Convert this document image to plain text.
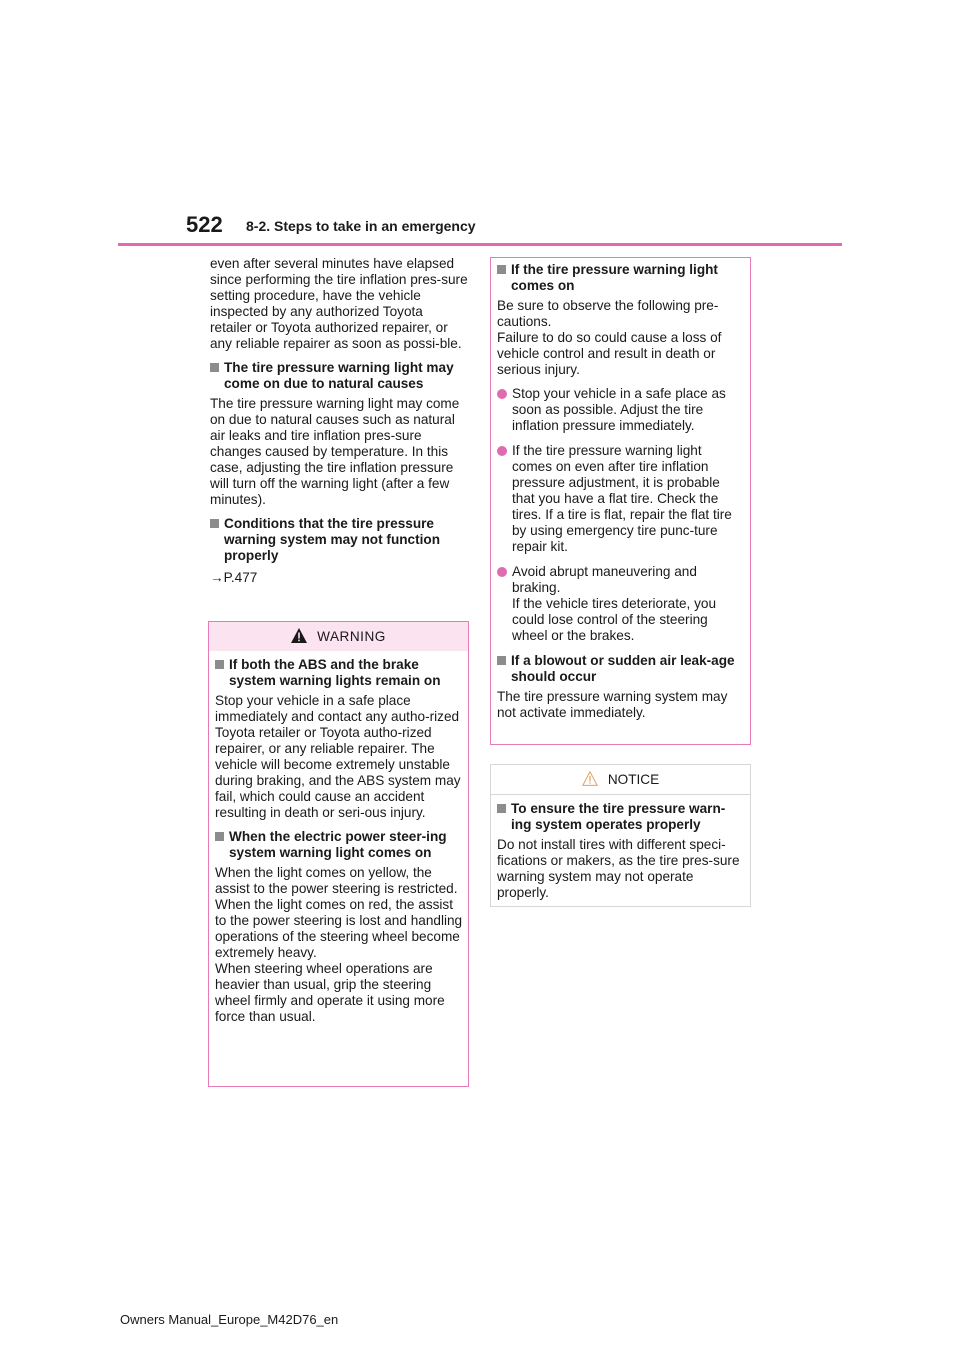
522 8-2. Steps to take in an emergency

even after several minutes have elapsed since performing the tire inflation pres-sure setting procedure, have the vehicle inspected by any authorized Toyota retailer or Toyota authorized repairer, or any reliable repairer as soon as possi-ble.

The tire pressure warning light may come on due to natural causes

The tire pressure warning light may come on due to natural causes such as natural air leaks and tire inflation pres-sure changes caused by temperature. In this case, adjusting the tire inflation pressure will turn off the warning light (after a few minutes).

Conditions that the tire pressure warning system may not function properly

→P.477

WARNING
If both the ABS and the brake system warning lights remain on

Stop your vehicle in a safe place immediately and contact any autho-rized Toyota retailer or Toyota autho-rized repairer, or any reliable repairer. The vehicle will become extremely unstable during braking, and the ABS system may fail, which could cause an accident resulting in death or seri-ous injury.

When the electric power steer-ing system warning light comes on

When the light comes on yellow, the assist to the power steering is restricted. When the light comes on red, the assist to the power steering is lost and handling operations of the steering wheel become extremely heavy.

When steering wheel operations are heavier than usual, grip the steering wheel firmly and operate it using more force than usual.

If the tire pressure warning light comes on

Be sure to observe the following pre-cautions.

Failure to do so could cause a loss of vehicle control and result in death or serious injury.

Stop your vehicle in a safe place as soon as possible. Adjust the tire inflation pressure immediately.
If the tire pressure warning light comes on even after tire inflation pressure adjustment, it is probable that you have a flat tire. Check the tires. If a tire is flat, repair the flat tire by using emergency tire punc-ture repair kit.
Avoid abrupt maneuvering and braking.
If the vehicle tires deteriorate, you could lose control of the steering wheel or the brakes.
If a blowout or sudden air leak-age should occur

The tire pressure warning system may not activate immediately.

NOTICE
To ensure the tire pressure warn-ing system operates properly

Do not install tires with different speci-fications or makers, as the tire pres-sure warning system may not operate properly.

Owners Manual_Europe_M42D76_en
